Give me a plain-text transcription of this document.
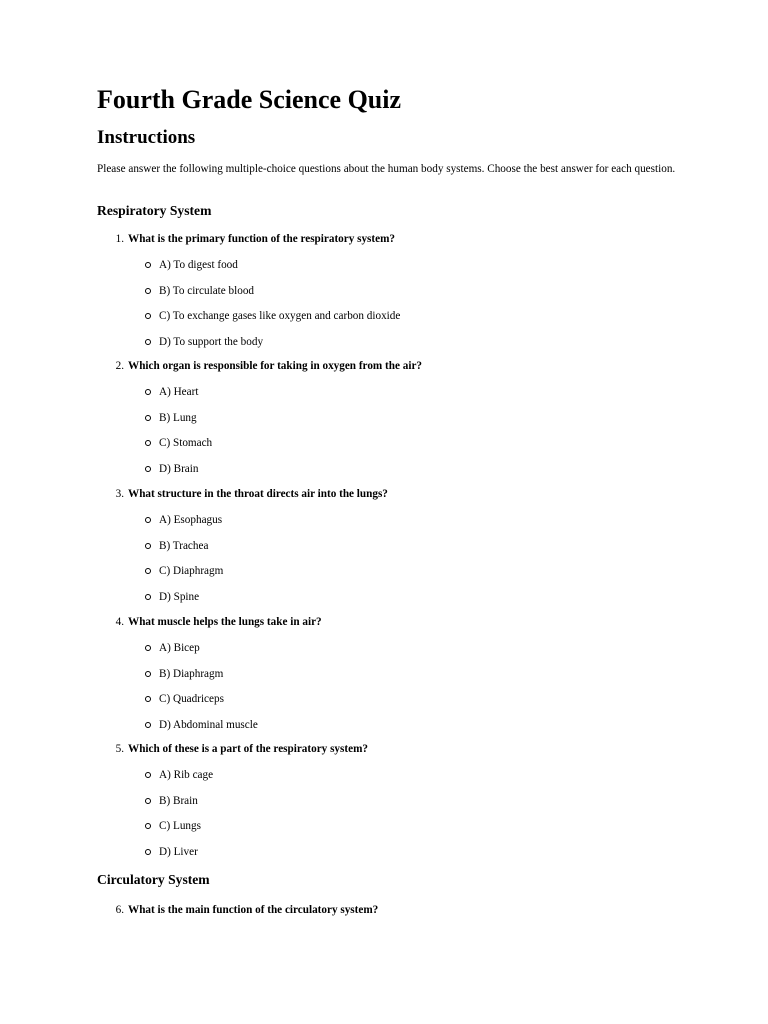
Fourth Grade Science Quiz
Instructions

Please answer the following multiple-choice questions about the human body systems. Choose the best answer for each question.

Respiratory System
1. What is the primary function of the respiratory system?
A) To digest food
B) To circulate blood
C) To exchange gases like oxygen and carbon dioxide
D) To support the body
2. Which organ is responsible for taking in oxygen from the air?
A) Heart
B) Lung
C) Stomach
D) Brain
3. What structure in the throat directs air into the lungs?
A) Esophagus
B) Trachea
C) Diaphragm
D) Spine
4. What muscle helps the lungs take in air?
A) Bicep
B) Diaphragm
C) Quadriceps
D) Abdominal muscle
5. Which of these is a part of the respiratory system?
A) Rib cage
B) Brain
C) Lungs
D) Liver
Circulatory System
6. What is the main function of the circulatory system?
